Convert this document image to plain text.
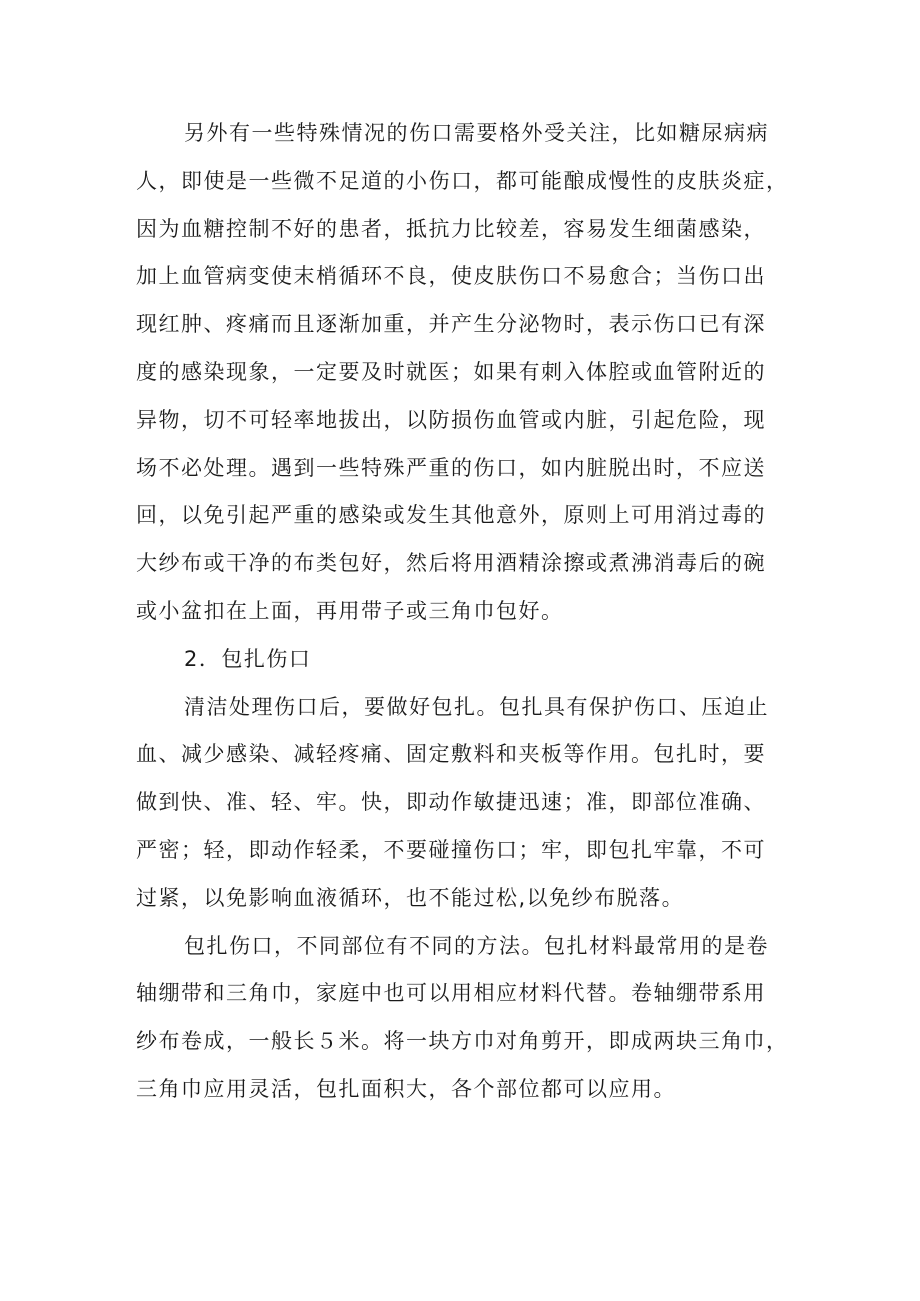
另外有一些特殊情况的伤口需要格外受关注，比如糖尿病病
人，即使是一些微不足道的小伤口，都可能酿成慢性的皮肤炎症，
因为血糖控制不好的患者，抵抗力比较差，容易发生细菌感染，
加上血管病变使末梢循环不良，使皮肤伤口不易愈合；当伤口出
现红肿、疼痛而且逐渐加重，并产生分泌物时，表示伤口已有深
度的感染现象，一定要及时就医；如果有刺入体腔或血管附近的
异物，切不可轻率地拔出，以防损伤血管或内脏，引起危险，现
场不必处理。遇到一些特殊严重的伤口，如内脏脱出时，不应送
回，以免引起严重的感染或发生其他意外，原则上可用消过毒的
大纱布或干净的布类包好，然后将用酒精涂擦或煮沸消毒后的碗
或小盆扣在上面，再用带子或三角巾包好。
2．包扎伤口
清洁处理伤口后，要做好包扎。包扎具有保护伤口、压迫止
血、减少感染、减轻疼痛、固定敷料和夹板等作用。包扎时，要
做到快、准、轻、牢。快，即动作敏捷迅速；准，即部位准确、
严密；轻，即动作轻柔，不要碰撞伤口；牢，即包扎牢靠，不可
过紧，以免影响血液循环，也不能过松,以免纱布脱落。
包扎伤口，不同部位有不同的方法。包扎材料最常用的是卷
轴绷带和三角巾，家庭中也可以用相应材料代替。卷轴绷带系用
纱布卷成，一般长５米。将一块方巾对角剪开，即成两块三角巾，
三角巾应用灵活，包扎面积大，各个部位都可以应用。
